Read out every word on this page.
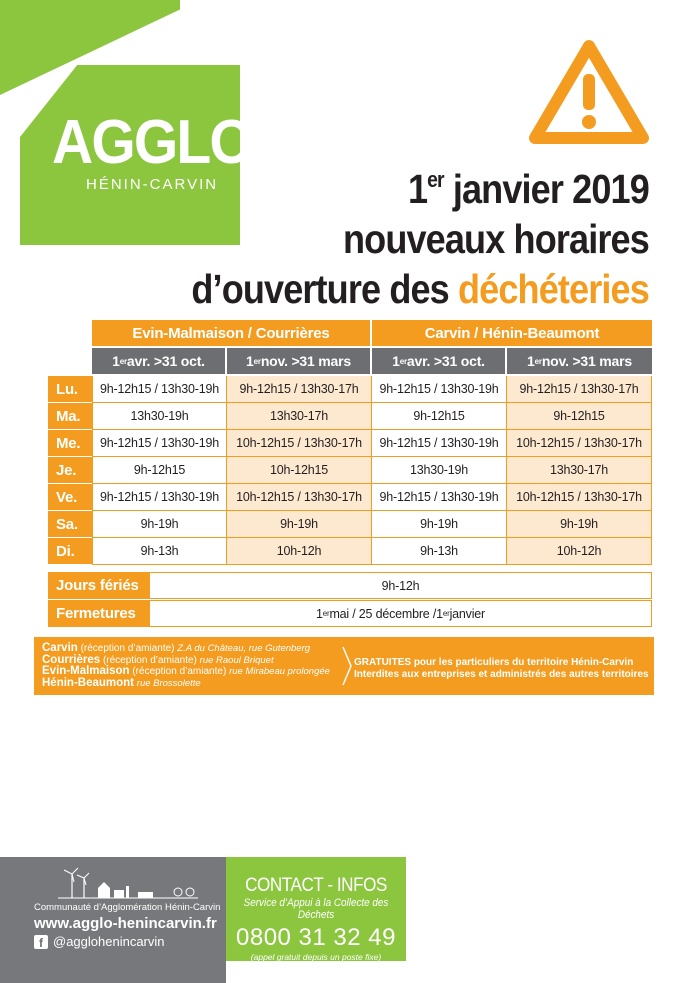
DECHETS VERTS
AGGLO
HÉNIN-CARVIN	1er janvier 2019
nouveaux horaires
d’ouverture des déchéteries
Evin-Malmaison / Courrières	Carvin / Hénin-Beaumont
1 er avr. >31 oct.	1 er nov. >31 mars	1 er avr. >31 oct.	1 er nov. >31 mars
Lu.	9h-12h15 / 13h30-19h	9h-12h15 / 13h30-17h	9h-12h15 / 13h30-19h	9h-12h15 / 13h30-17h
Ma.	13h30-19h	13h30-17h	9h-12h15	9h-12h15
Me.	9h-12h15 / 13h30-19h	10h-12h15 / 13h30-17h	9h-12h15 / 13h30-19h	10h-12h15 / 13h30-17h
Je.	9h-12h15	10h-12h15	13h30-19h	13h30-17h
Ve.	9h-12h15 / 13h30-19h	10h-12h15 / 13h30-17h	9h-12h15 / 13h30-19h	10h-12h15 / 13h30-17h
Sa.	9h-19h	9h-19h	9h-19h	9h-19h
Di.	9h-13h	10h-12h	9h-13h	10h-12h
Jours fériés	9h-12h
Fermetures	1 er mai / 25 décembre / 1 er janvier
Carvin (réception d’amiante) Z.A du Château, rue Gutenberg
Courrières (réception d’amiante) rue Raoul Briquet
Evin-Malmaison (réception d’amiante) rue Mirabeau prolongée
Hénin-Beaumont rue Brossolette
GRATUITES pour les particuliers du territoire Hénin-Carvin
Interdites aux entreprises et administrés des autres territoires
Communauté d’Agglomération Hénin-Carvin
www.agglo-henincarvin.fr
f @agglohenincarvin
CONTACT - INFOS
Service d’Appui à la Collecte des Déchets
0800 31 32 49
(appel gratuit depuis un poste fixe)
